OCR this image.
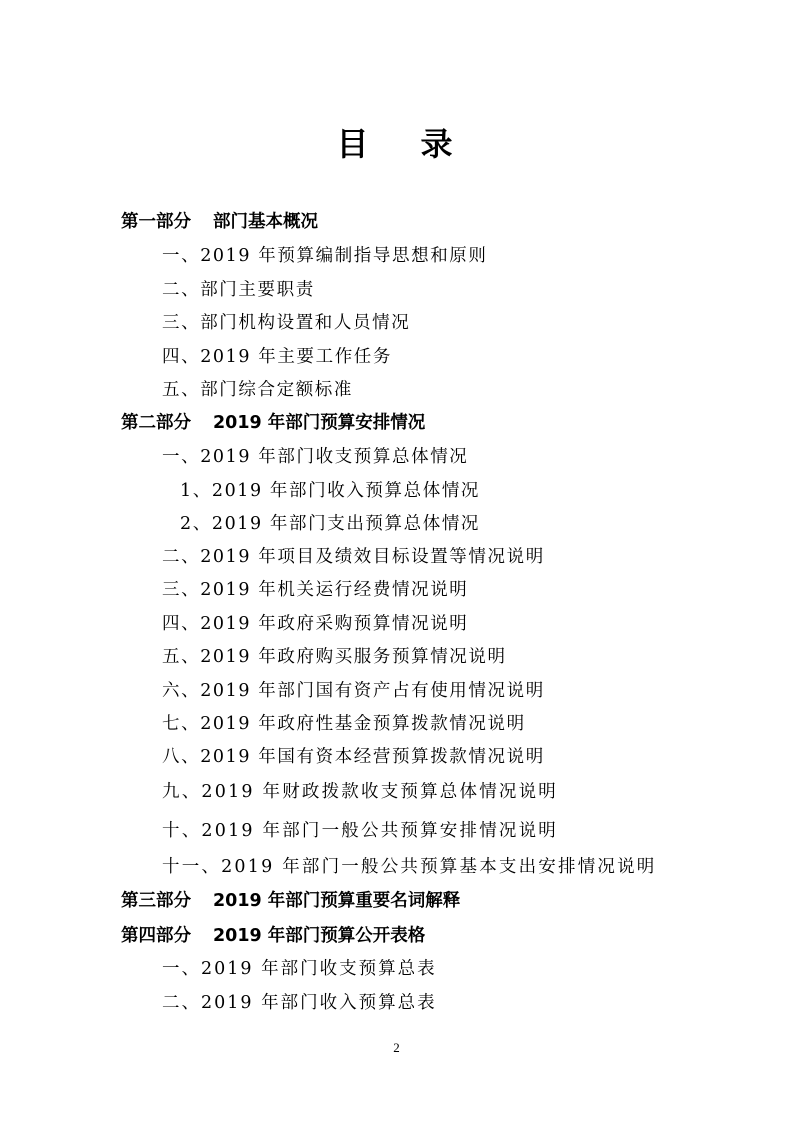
目 录
第一部分 部门基本概况
一、2019 年预算编制指导思想和原则
二、部门主要职责
三、部门机构设置和人员情况
四、2019 年主要工作任务
五、部门综合定额标准
第二部分 2019 年部门预算安排情况
一、2019 年部门收支预算总体情况
1、2019 年部门收入预算总体情况
2、2019 年部门支出预算总体情况
二、2019 年项目及绩效目标设置等情况说明
三、2019 年机关运行经费情况说明
四、2019 年政府采购预算情况说明
五、2019 年政府购买服务预算情况说明
六、2019 年部门国有资产占有使用情况说明
七、2019 年政府性基金预算拨款情况说明
八、2019 年国有资本经营预算拨款情况说明
九、2019 年财政拨款收支预算总体情况说明
十、2019 年部门一般公共预算安排情况说明
十一、2019 年部门一般公共预算基本支出安排情况说明
第三部分 2019 年部门预算重要名词解释
第四部分 2019 年部门预算公开表格
一、2019 年部门收支预算总表
二、2019 年部门收入预算总表
2
